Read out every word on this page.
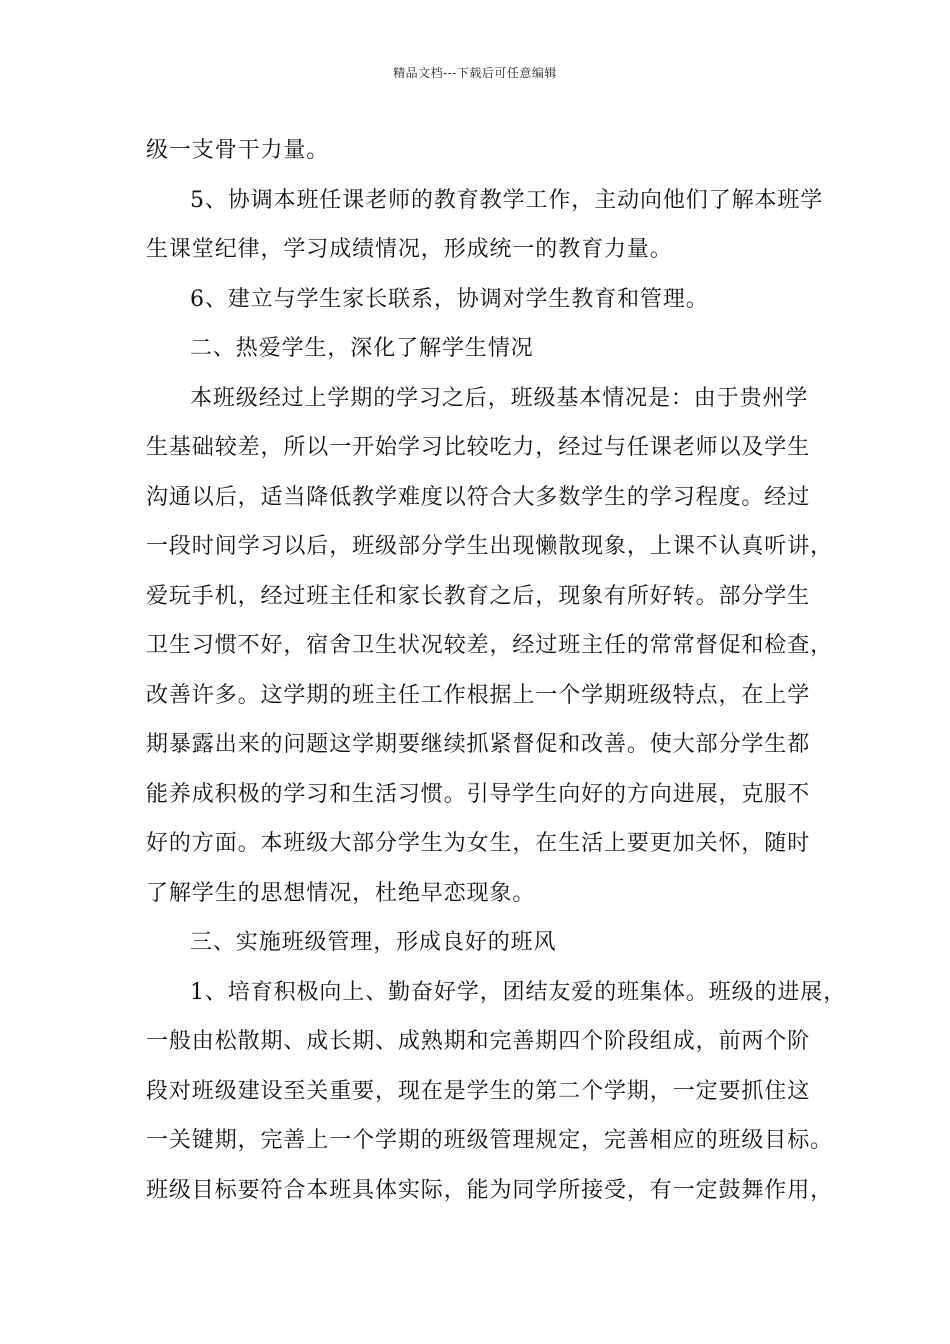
精品文档---下载后可任意编辑
级一支骨干力量。
5、协调本班任课老师的教育教学工作，主动向他们了解本班学
生课堂纪律，学习成绩情况，形成统一的教育力量。
6、建立与学生家长联系，协调对学生教育和管理。
二、热爱学生，深化了解学生情况
本班级经过上学期的学习之后，班级基本情况是：由于贵州学
生基础较差，所以一开始学习比较吃力，经过与任课老师以及学生
沟通以后，适当降低教学难度以符合大多数学生的学习程度。经过
一段时间学习以后，班级部分学生出现懒散现象，上课不认真听讲，
爱玩手机，经过班主任和家长教育之后，现象有所好转。部分学生
卫生习惯不好，宿舍卫生状况较差，经过班主任的常常督促和检查，
改善许多。这学期的班主任工作根据上一个学期班级特点，在上学
期暴露出来的问题这学期要继续抓紧督促和改善。使大部分学生都
能养成积极的学习和生活习惯。引导学生向好的方向进展，克服不
好的方面。本班级大部分学生为女生，在生活上要更加关怀，随时
了解学生的思想情况，杜绝早恋现象。
三、实施班级管理，形成良好的班风
1、培育积极向上、勤奋好学，团结友爱的班集体。班级的进展，
一般由松散期、成长期、成熟期和完善期四个阶段组成，前两个阶
段对班级建设至关重要，现在是学生的第二个学期，一定要抓住这
一关键期，完善上一个学期的班级管理规定，完善相应的班级目标。
班级目标要符合本班具体实际，能为同学所接受，有一定鼓舞作用，
